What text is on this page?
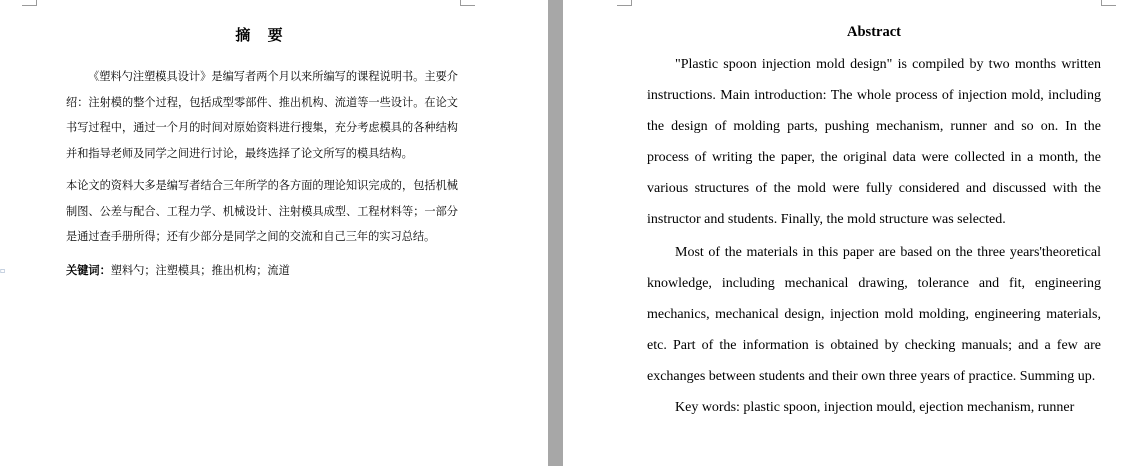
▫
摘 要

《塑料勺注塑模具设计》是编写者两个月以来所编写的课程说明书。主要介绍：注射模的整个过程，包括成型零部件、推出机构、流道等一些设计。在论文书写过程中，通过一个月的时间对原始资料进行搜集，充分考虑模具的各种结构并和指导老师及同学之间进行讨论，最终选择了论文所写的模具结构。

本论文的资料大多是编写者结合三年所学的各方面的理论知识完成的，包括机械制图、公差与配合、工程力学、机械设计、注射模具成型、工程材料等；一部分是通过查手册所得；还有少部分是同学之间的交流和自己三年的实习总结。

关键词：塑料勺；注塑模具；推出机构；流道

Abstract

"Plastic spoon injection mold design" is compiled by two months written instructions. Main introduction: The whole process of injection mold, including the design of molding parts, pushing mechanism, runner and so on. In the process of writing the paper, the original data were collected in a month, the various structures of the mold were fully considered and discussed with the instructor and students. Finally, the mold structure was selected.

Most of the materials in this paper are based on the three years'theoretical knowledge, including mechanical drawing, tolerance and fit, engineering mechanics, mechanical design, injection mold molding, engineering materials, etc. Part of the information is obtained by checking manuals; and a few are exchanges between students and their own three years of practice. Summing up.

Key words: plastic spoon, injection mould, ejection mechanism, runner
